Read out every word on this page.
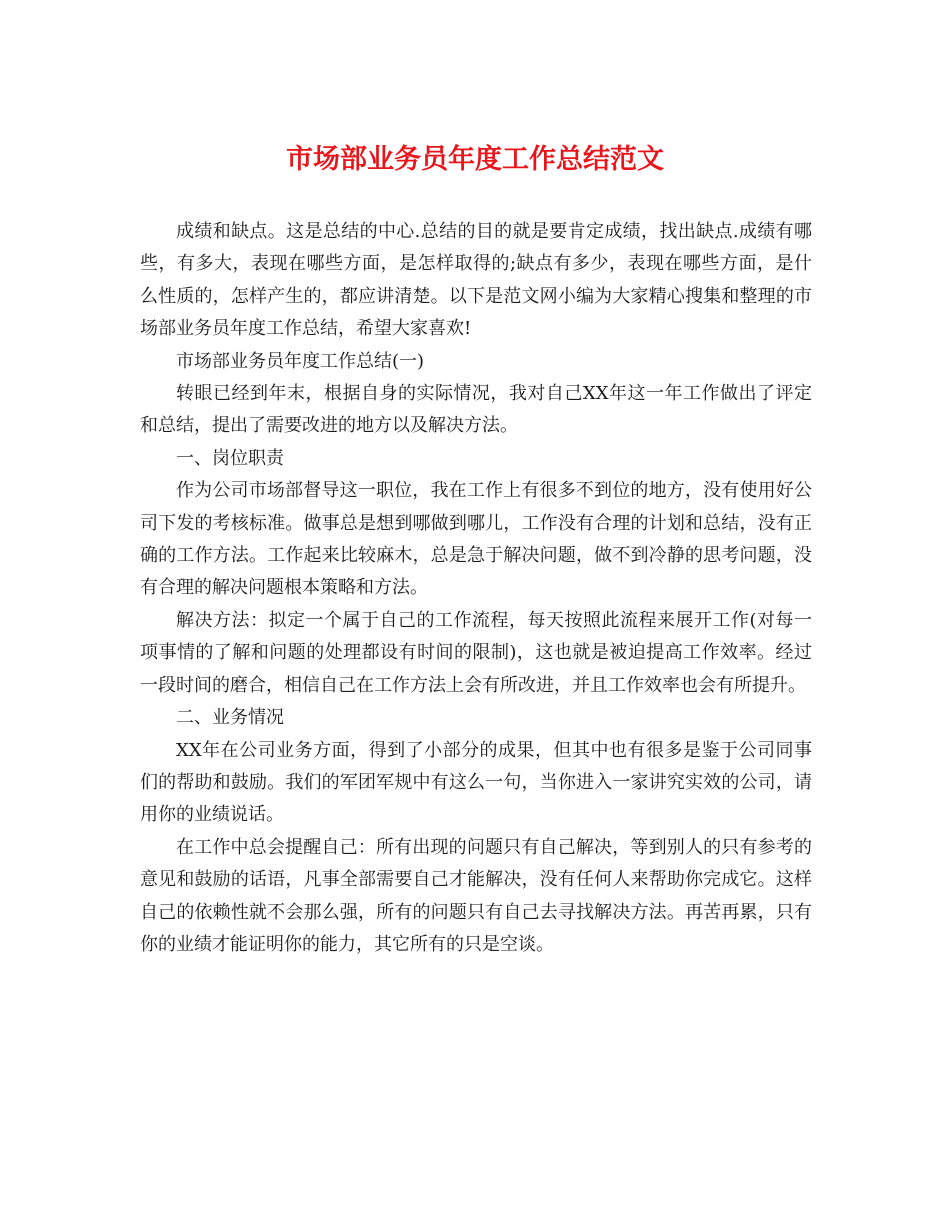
市场部业务员年度工作总结范文

成绩和缺点。这是总结的中心.总结的目的就是要肯定成绩，找出缺点.成绩有哪些，有多大，表现在哪些方面，是怎样取得的;缺点有多少，表现在哪些方面，是什么性质的，怎样产生的，都应讲清楚。以下是范文网小编为大家精心搜集和整理的市场部业务员年度工作总结，希望大家喜欢!

市场部业务员年度工作总结(一)

转眼已经到年末，根据自身的实际情况，我对自己XX年这一年工作做出了评定和总结，提出了需要改进的地方以及解决方法。

一、岗位职责

作为公司市场部督导这一职位，我在工作上有很多不到位的地方，没有使用好公司下发的考核标准。做事总是想到哪做到哪儿，工作没有合理的计划和总结，没有正确的工作方法。工作起来比较麻木，总是急于解决问题，做不到冷静的思考问题，没有合理的解决问题根本策略和方法。

解决方法：拟定一个属于自己的工作流程，每天按照此流程来展开工作(对每一项事情的了解和问题的处理都设有时间的限制)，这也就是被迫提高工作效率。经过一段时间的磨合，相信自己在工作方法上会有所改进，并且工作效率也会有所提升。

二、业务情况

XX年在公司业务方面，得到了小部分的成果，但其中也有很多是鉴于公司同事们的帮助和鼓励。我们的军团军规中有这么一句，当你进入一家讲究实效的公司，请用你的业绩说话。

在工作中总会提醒自己：所有出现的问题只有自己解决，等到别人的只有参考的意见和鼓励的话语，凡事全部需要自己才能解决，没有任何人来帮助你完成它。这样自己的依赖性就不会那么强，所有的问题只有自己去寻找解决方法。再苦再累，只有你的业绩才能证明你的能力，其它所有的只是空谈。
